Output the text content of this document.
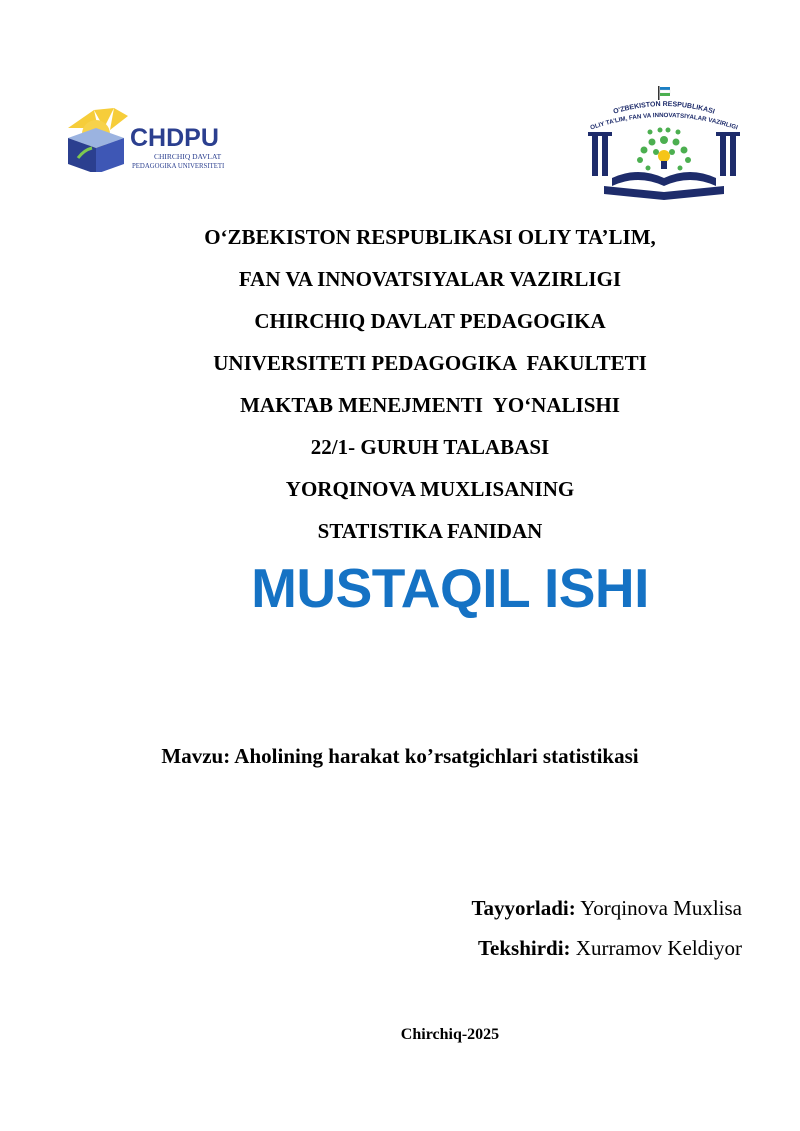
CHDPU
CHIRCHIQ DAVLAT
PEDAGOGIKA UNIVERSITETI
O'ZBEKISTON RESPUBLIKASI
OLIY TA'LIM, FAN VA INNOVATSIYALAR VAZIRLIGI
O‘ZBEKISTON RESPUBLIKASI OLIY TA’LIM,
FAN VA INNOVATSIYALAR VAZIRLIGI
CHIRCHIQ DAVLAT PEDAGOGIKA
UNIVERSITETI PEDAGOGIKA  FAKULTETI
MAKTAB MENEJMENTI  YO‘NALISHI
22/1- GURUH TALABASI
YORQINOVA MUXLISANING
STATISTIKA FANIDAN
MUSTAQIL ISHI
Mavzu: Aholining harakat ko’rsatgichlari statistikasi
Tayyorladi: Yorqinova Muxlisa
Tekshirdi: Xurramov Keldiyor
Chirchiq-2025
